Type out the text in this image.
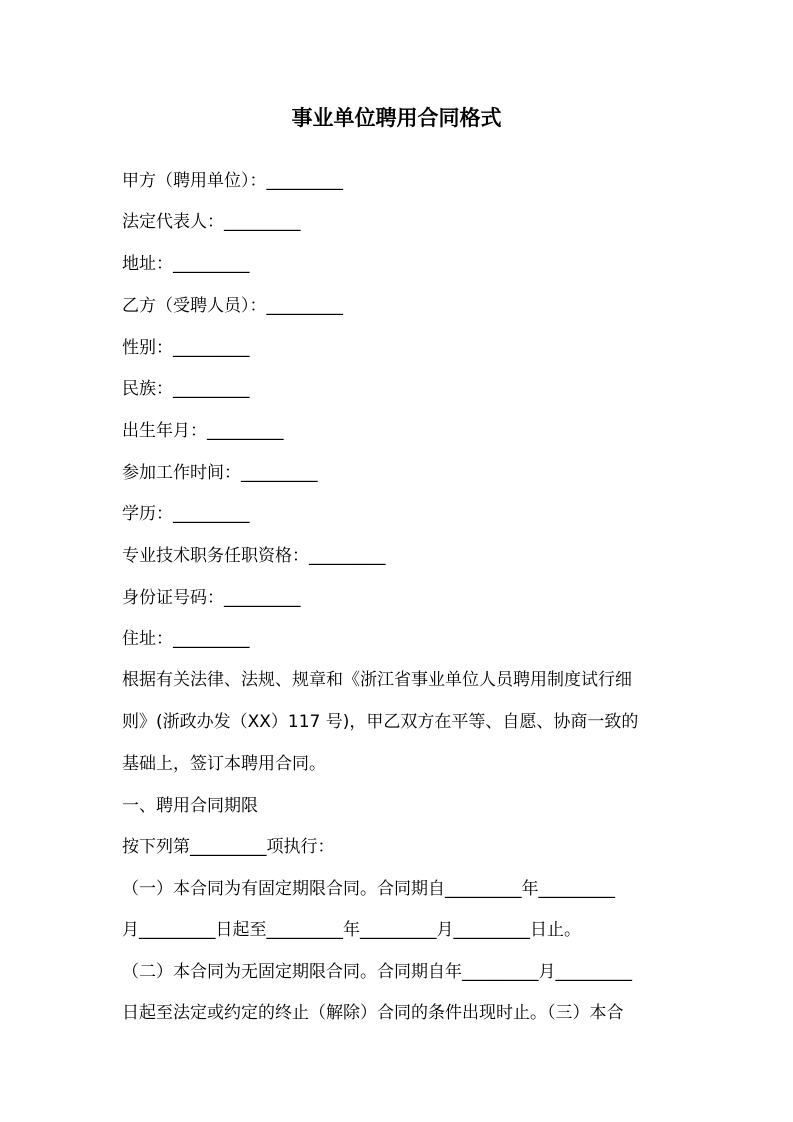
事业单位聘用合同格式
甲方（聘用单位）：_________
法定代表人：_________
地址：_________
乙方（受聘人员）：_________
性别：_________
民族：_________
出生年月：_________
参加工作时间：_________
学历：_________
专业技术职务任职资格：_________
身份证号码：_________
住址：_________
根据有关法律、法规、规章和《浙江省事业单位人员聘用制度试行细
则》(浙政办发（XX）117 号)，甲乙双方在平等、自愿、协商一致的
基础上，签订本聘用合同。
一、聘用合同期限
按下列第_________项执行：
（一）本合同为有固定期限合同。合同期自_________年_________
月_________日起至_________年_________月_________日止。
（二）本合同为无固定期限合同。合同期自年_________月_________
日起至法定或约定的终止（解除）合同的条件出现时止。（三）本合
